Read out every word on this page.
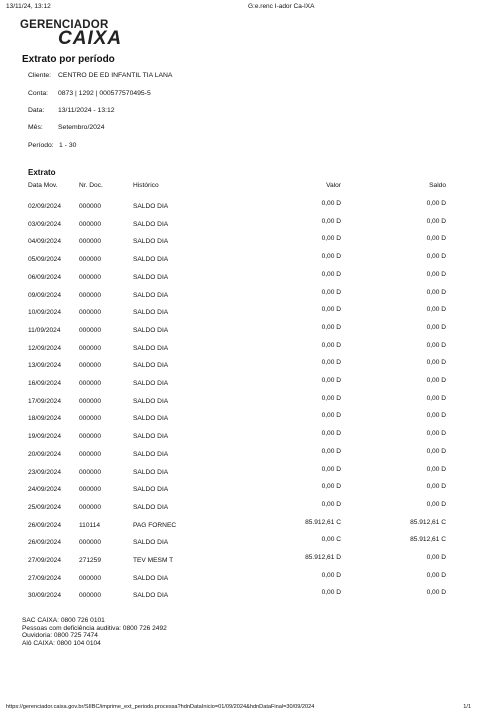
13/11/24, 13:12	G:e.renc I-ador Ca-IXA
GERENCIADOR
CAIXA
Extrato por período
Cliente: CENTRO DE ED INFANTIL TIA LANA
Conta: 0873 | 1292 | 000577570495-5
Data: 13/11/2024 - 13:12
Mês: Setembro/2024
Período: 1 - 30
Extrato
Data Mov.	Nr. Doc.	Histórico	Valor	Saldo
02/09/2024	000000	SALDO DIA	0,00 D	0,00 D
03/09/2024	000000	SALDO DIA	0,00 D	0,00 D
04/09/2024	000000	SALDO DIA	0,00 D	0,00 D
05/09/2024	000000	SALDO DIA	0,00 D	0,00 D
06/09/2024	000000	SALDO DIA	0,00 D	0,00 D
09/09/2024	000000	SALDO DIA	0,00 D	0,00 D
10/09/2024	000000	SALDO DIA	0,00 D	0,00 D
11/09/2024	000000	SALDO DIA	0,00 D	0,00 D
12/09/2024	000000	SALDO DIA	0,00 D	0,00 D
13/09/2024	000000	SALDO DIA	0,00 D	0,00 D
16/09/2024	000000	SALDO DIA	0,00 D	0,00 D
17/09/2024	000000	SALDO DIA	0,00 D	0,00 D
18/09/2024	000000	SALDO DIA	0,00 D	0,00 D
19/09/2024	000000	SALDO DIA	0,00 D	0,00 D
20/09/2024	000000	SALDO DIA	0,00 D	0,00 D
23/09/2024	000000	SALDO DIA	0,00 D	0,00 D
24/09/2024	000000	SALDO DIA	0,00 D	0,00 D
25/09/2024	000000	SALDO DIA	0,00 D	0,00 D
26/09/2024	110114	PAG FORNEC	85.912,61 C	85.912,61 C
26/09/2024	000000	SALDO DIA	0,00 C	85.912,61 C
27/09/2024	271259	TEV MESM T	85.912,61 D	0,00 D
27/09/2024	000000	SALDO DIA	0,00 D	0,00 D
30/09/2024	000000	SALDO DIA	0,00 D	0,00 D
SAC CAIXA: 0800 726 0101
Pessoas com deficiência auditiva: 0800 726 2492
Ouvidoria: 0800 725 7474
Alô CAIXA: 0800 104 0104
https://gerenciador.caixa.gov.br/SIIBC/imprime_ext_periodo.processa?hdnDataInicio=01/09/2024&hdnDataFinal=30/09/2024	1/1
